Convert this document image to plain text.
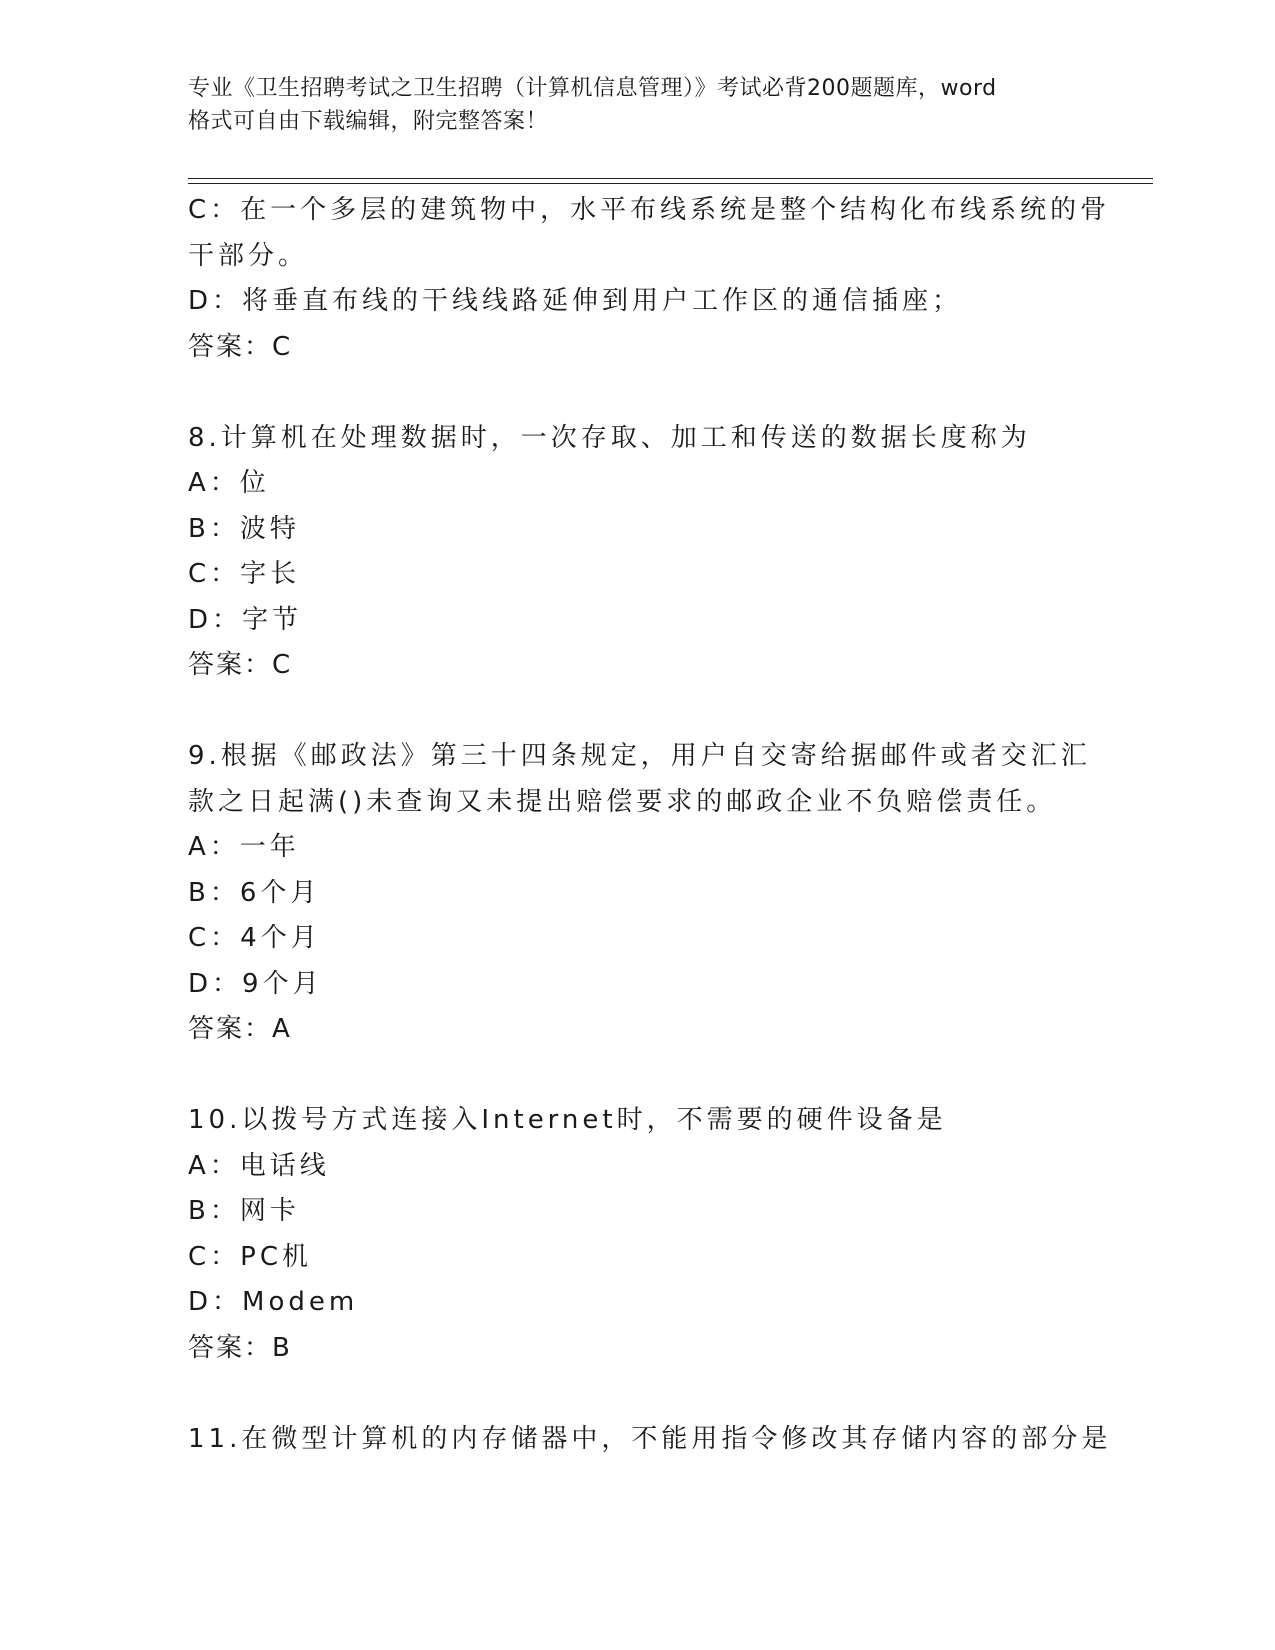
专业《卫生招聘考试之卫生招聘（计算机信息管理）》考试必背200题题库，word
格式可自由下载编辑，附完整答案！
C：在一个多层的建筑物中，水平布线系统是整个结构化布线系统的骨
干部分。
D：将垂直布线的干线线路延伸到用户工作区的通信插座；
答案：C
8.计算机在处理数据时，一次存取、加工和传送的数据长度称为
A：位
B：波特
C：字长
D：字节
答案：C
9.根据《邮政法》第三十四条规定，用户自交寄给据邮件或者交汇汇
款之日起满()未查询又未提出赔偿要求的邮政企业不负赔偿责任。
A：一年
B：6个月
C：4个月
D：9个月
答案：A
10.以拨号方式连接入Internet时，不需要的硬件设备是
A：电话线
B：网卡
C：PC机
D：Modem
答案：B
11.在微型计算机的内存储器中，不能用指令修改其存储内容的部分是
